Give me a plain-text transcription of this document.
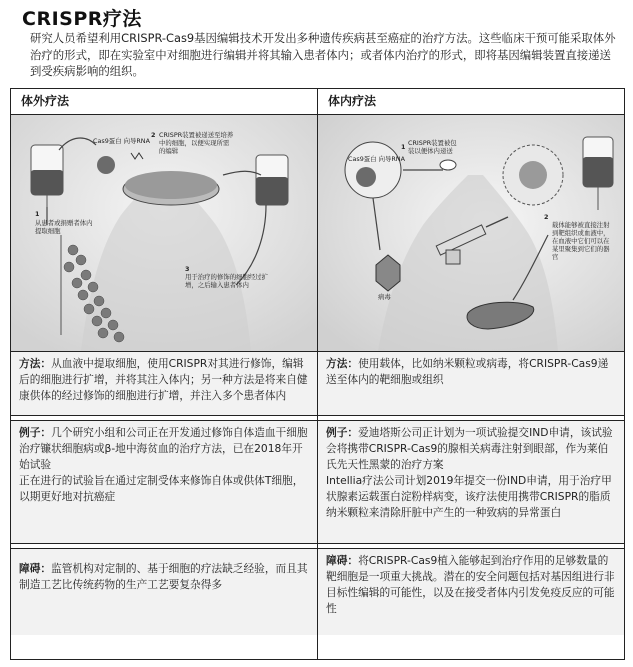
CRISPR疗法
研究人员希望利用CRISPR-Cas9基因编辑技术开发出多种遗传疾病甚至癌症的治疗方法。这些临床干预可能采取体外治疗的形式，即在实验室中对细胞进行编辑并将其输入患者体内；或者体内治疗的形式，即将基因编辑装置直接递送到受疾病影响的组织。
体外疗法
Cas9蛋白 向导RNA
2 CRISPR装置被递送至培养中的细胞，以便实现所需的编辑
1
从患者或捐赠者体内提取细胞
3
用于治疗的修饰的细胞经过扩增，之后输入患者体内

方法：从血液中提取细胞，使用CRISPR对其进行修饰，编辑后的细胞进行扩增，并将其注入体内；另一种方法是将来自健康供体的经过修饰的细胞进行扩增，并注入多个患者体内

例子：几个研究小组和公司正在开发通过修饰自体造血干细胞治疗镰状细胞病或β-地中海贫血的治疗方法，已在2018年开始试验

正在进行的试验旨在通过定制受体来修饰自体或供体T细胞，以期更好地对抗癌症

障碍：监管机构对定制的、基于细胞的疗法缺乏经验，而且其制造工艺比传统药物的生产工艺要复杂得多

体内疗法
Cas9蛋白 向导RNA
1 CRISPR装置被包装以便体内递送
病毒
2
载体能够被直接注射到靶组织或血液中，在血液中它们可以在某里聚集到它们的器官

方法：使用载体，比如纳米颗粒或病毒，将CRISPR-Cas9递送至体内的靶细胞或组织

例子：爱迪塔斯公司正计划为一项试验提交IND申请，该试验会将携带CRISPR-Cas9的腺相关病毒注射到眼部，作为莱伯氏先天性黑蒙的治疗方案

Intellia疗法公司计划2019年提交一份IND申请，用于治疗甲状腺素运载蛋白淀粉样病变，该疗法使用携带CRISPR的脂质纳米颗粒来清除肝脏中产生的一种致病的异常蛋白

障碍：将CRISPR-Cas9植入能够起到治疗作用的足够数量的靶细胞是一项重大挑战。潜在的安全问题包括对基因组进行非目标性编辑的可能性，以及在接受者体内引发免疫反应的可能性
